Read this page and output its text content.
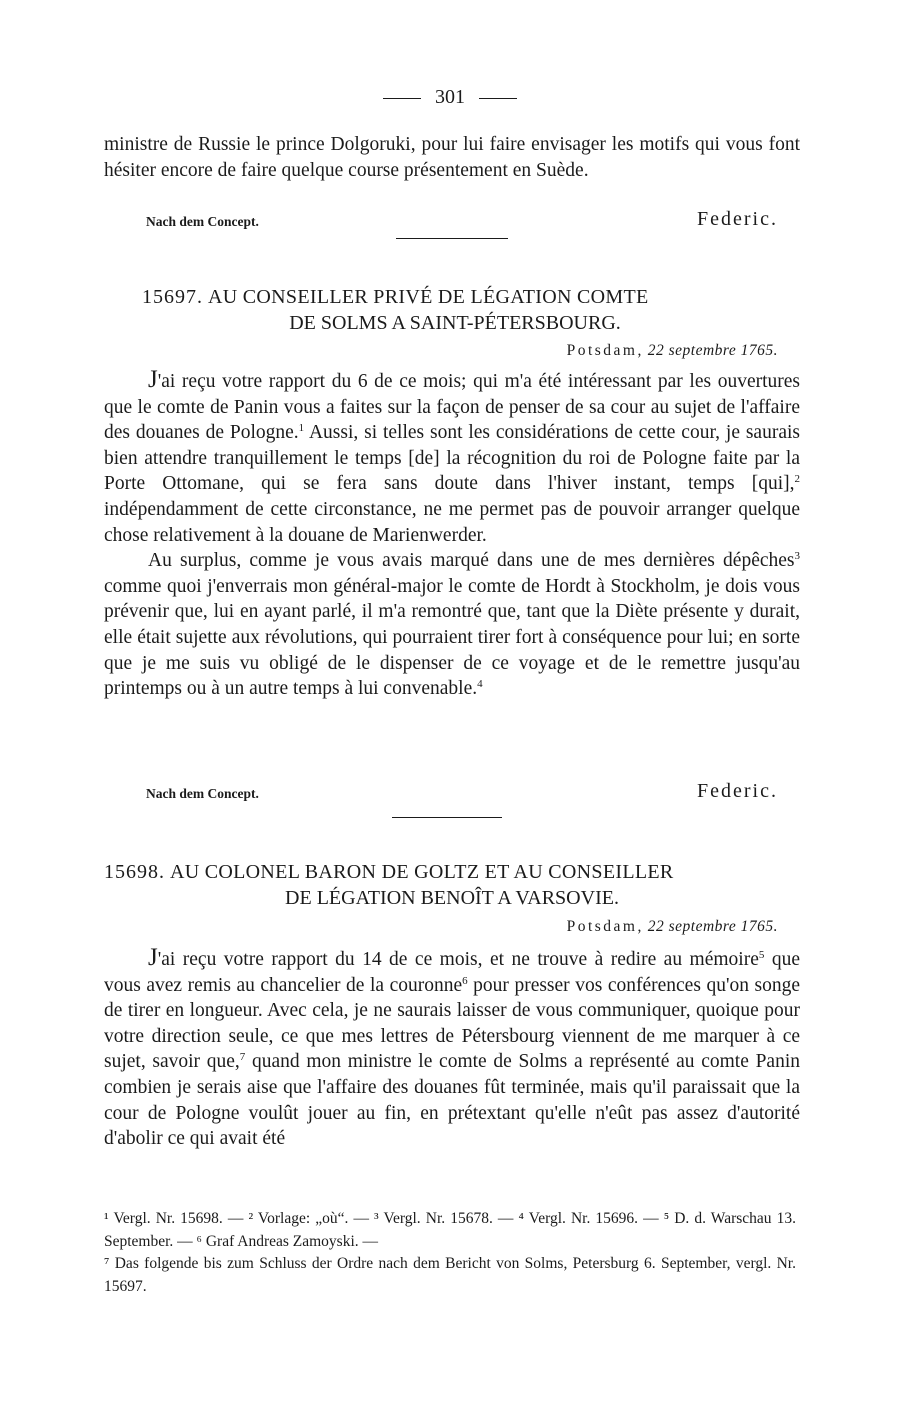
301

ministre de Russie le prince Dolgoruki, pour lui faire envisager les motifs qui vous font hésiter encore de faire quelque course présentement en Suède.

Nach dem Concept.	Federic.
15697. AU CONSEILLER PRIVÉ DE LÉGATION COMTE
DE SOLMS A SAINT-PÉTERSBOURG.
Potsdam, 22 septembre 1765.

J'ai reçu votre rapport du 6 de ce mois; qui m'a été intéressant par les ouvertures que le comte de Panin vous a faites sur la façon de penser de sa cour au sujet de l'affaire des douanes de Pologne.$^1$ Aussi, si telles sont les considérations de cette cour, je saurais bien attendre tranquillement le temps [de] la récognition du roi de Pologne faite par la Porte Ottomane, qui se fera sans doute dans l'hiver instant, temps [qui],$^2$ indépendamment de cette circonstance, ne me permet pas de pouvoir arranger quelque chose relativement à la douane de Marienwerder.

Au surplus, comme je vous avais marqué dans une de mes dernières dépêches$^3$ comme quoi j'enverrais mon général-major le comte de Hordt à Stockholm, je dois vous prévenir que, lui en ayant parlé, il m'a remontré que, tant que la Diète présente y durait, elle était sujette aux révolutions, qui pourraient tirer fort à conséquence pour lui; en sorte que je me suis vu obligé de le dispenser de ce voyage et de le remettre jusqu'au printemps ou à un autre temps à lui convenable.$^4$

Nach dem Concept.	Federic.
15698. AU COLONEL BARON DE GOLTZ ET AU CONSEILLER
DE LÉGATION BENOÎT A VARSOVIE.
Potsdam, 22 septembre 1765.

J'ai reçu votre rapport du 14 de ce mois, et ne trouve à redire au mémoire$^5$ que vous avez remis au chancelier de la couronne$^6$ pour presser vos conférences qu'on songe de tirer en longueur. Avec cela, je ne saurais laisser de vous communiquer, quoique pour votre direction seule, ce que mes lettres de Pétersbourg viennent de me marquer à ce sujet, savoir que,$^7$ quand mon ministre le comte de Solms a représenté au comte Panin combien je serais aise que l'affaire des douanes fût terminée, mais qu'il paraissait que la cour de Pologne voulût jouer au fin, en prétextant qu'elle n'eût pas assez d'autorité d'abolir ce qui avait été

¹ Vergl. Nr. 15698. — ² Vorlage: „où“. — ³ Vergl. Nr. 15678. — ⁴ Vergl. Nr. 15696. — ⁵ D. d. Warschau 13. September. — ⁶ Graf Andreas Zamoyski. —

⁷ Das folgende bis zum Schluss der Ordre nach dem Bericht von Solms, Petersburg 6. September, vergl. Nr. 15697.
